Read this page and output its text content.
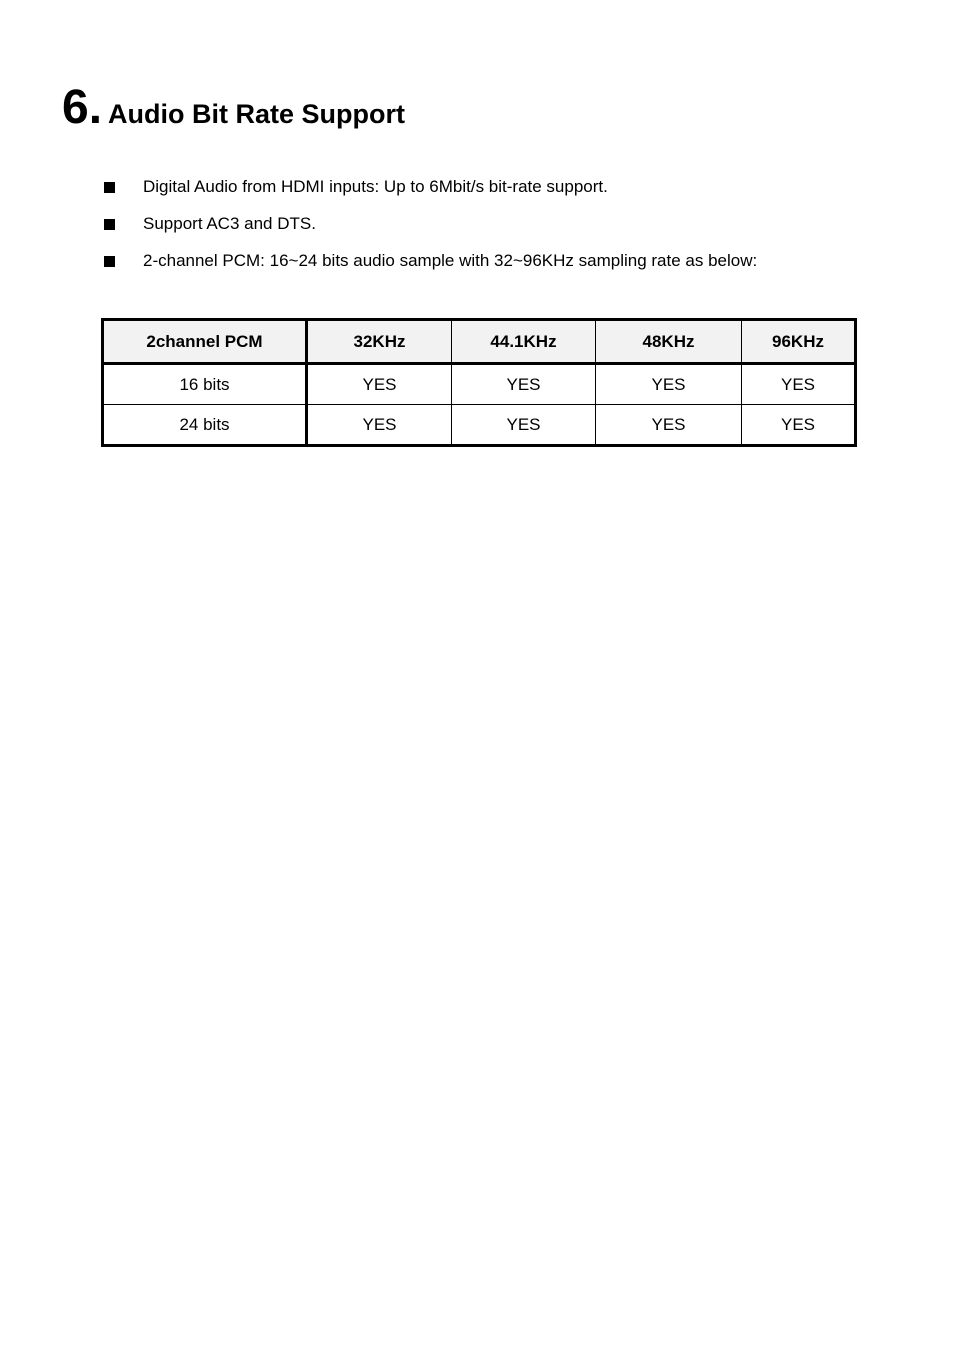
6. Audio Bit Rate Support
Digital Audio from HDMI inputs: Up to 6Mbit/s bit-rate support.
Support AC3 and DTS.
2-channel PCM: 16~24 bits audio sample with 32~96KHz sampling rate as below:
2channel PCM	32KHz	44.1KHz	48KHz	96KHz
16 bits	YES	YES	YES	YES
24 bits	YES	YES	YES	YES
